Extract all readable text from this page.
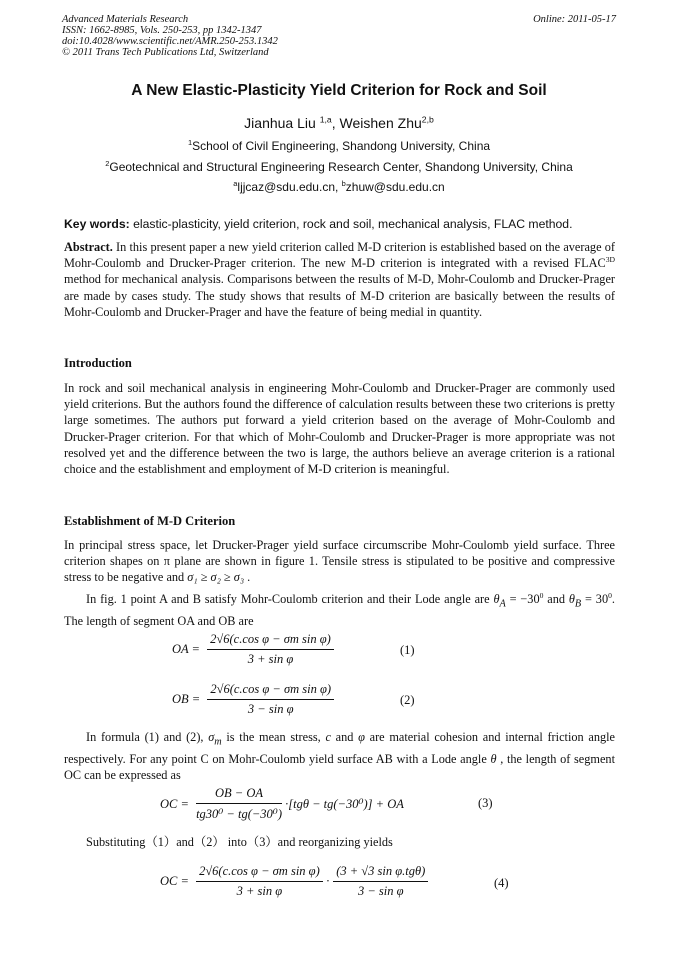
Advanced Materials Research
ISSN: 1662-8985, Vols. 250-253, pp 1342-1347
doi:10.4028/www.scientific.net/AMR.250-253.1342
© 2011 Trans Tech Publications Ltd, Switzerland
Online: 2011-05-17
A New Elastic-Plasticity Yield Criterion for Rock and Soil
Jianhua Liu $^{1,a}$, Weishen Zhu$^{2,b}$
$^1$School of Civil Engineering, Shandong University, China
$^2$Geotechnical and Structural Engineering Research Center, Shandong University, China
$^a$ljjcaz@sdu.edu.cn, $^b$zhuw@sdu.edu.cn
Key words: elastic-plasticity, yield criterion, rock and soil, mechanical analysis, FLAC method.
Abstract. In this present paper a new yield criterion called M-D criterion is established based on the average of Mohr-Coulomb and Drucker-Prager criterion. The new M-D criterion is integrated with a revised $FLAC^{3D}$ method for mechanical analysis. Comparisons between the results of M-D, Mohr-Coulomb and Drucker-Prager are made by cases study. The study shows that results of M-D criterion are basically between the results of Mohr-Coulomb and Drucker-Prager and have the feature of being medial in quantity.
Introduction
In rock and soil mechanical analysis in engineering Mohr-Coulomb and Drucker-Prager are commonly used yield criterions. But the authors found the difference of calculation results between these two criterions is pretty large sometimes. The authors put forward a yield criterion based on the average of Mohr-Coulomb and Drucker-Prager criterion. For that which of Mohr-Coulomb and Drucker-Prager is more appropriate was not resolved yet and the difference between the two is large, the authors believe an average criterion is a rational choice and the establishment and employment of M-D criterion is meaningful.
Establishment of M-D Criterion
In principal stress space, let Drucker-Prager yield surface circumscribe Mohr-Coulomb yield surface. Three criterion shapes on π plane are shown in figure 1. Tensile stress is stipulated to be positive and compressive stress to be negative and σ₁ ≥ σ₂ ≥ σ₃ .
In fig. 1 point A and B satisfy Mohr-Coulomb criterion and their Lode angle are $\theta_A = -30^0$ and $\theta_B = 30^0$. The length of segment OA and OB are
OA = $\frac{\text{2√6(c.cos φ − σm sin φ)}}{\text{3 + sin φ}}$	(1)
OB = $\frac{\text{2√6(c.cos φ − σm sin φ)}}{\text{3 − sin φ}}$	(2)
In formula (1) and (2), $\sigma_m$ is the mean stress, c and φ are material cohesion and internal friction angle respectively. For any point C on Mohr-Coulomb yield surface AB with a Lode angle θ , the length of segment OC can be expressed as
OC = $\frac{OB - OA}{\text{tg30⁰ − tg(−30⁰)}} \cdot[tg\theta - tg(-30^0)]$ + OA	(3)
Substituting（1）and（2） into（3）and reorganizing yields
OC = $\frac{\text{2√6(c.cos φ − σm sin φ)}}{\text{3 + sin φ}} \cdot \frac{\text{(3 + √3 sin φ.tgθ)}}{\text{3 − sin φ}}$	(4)
